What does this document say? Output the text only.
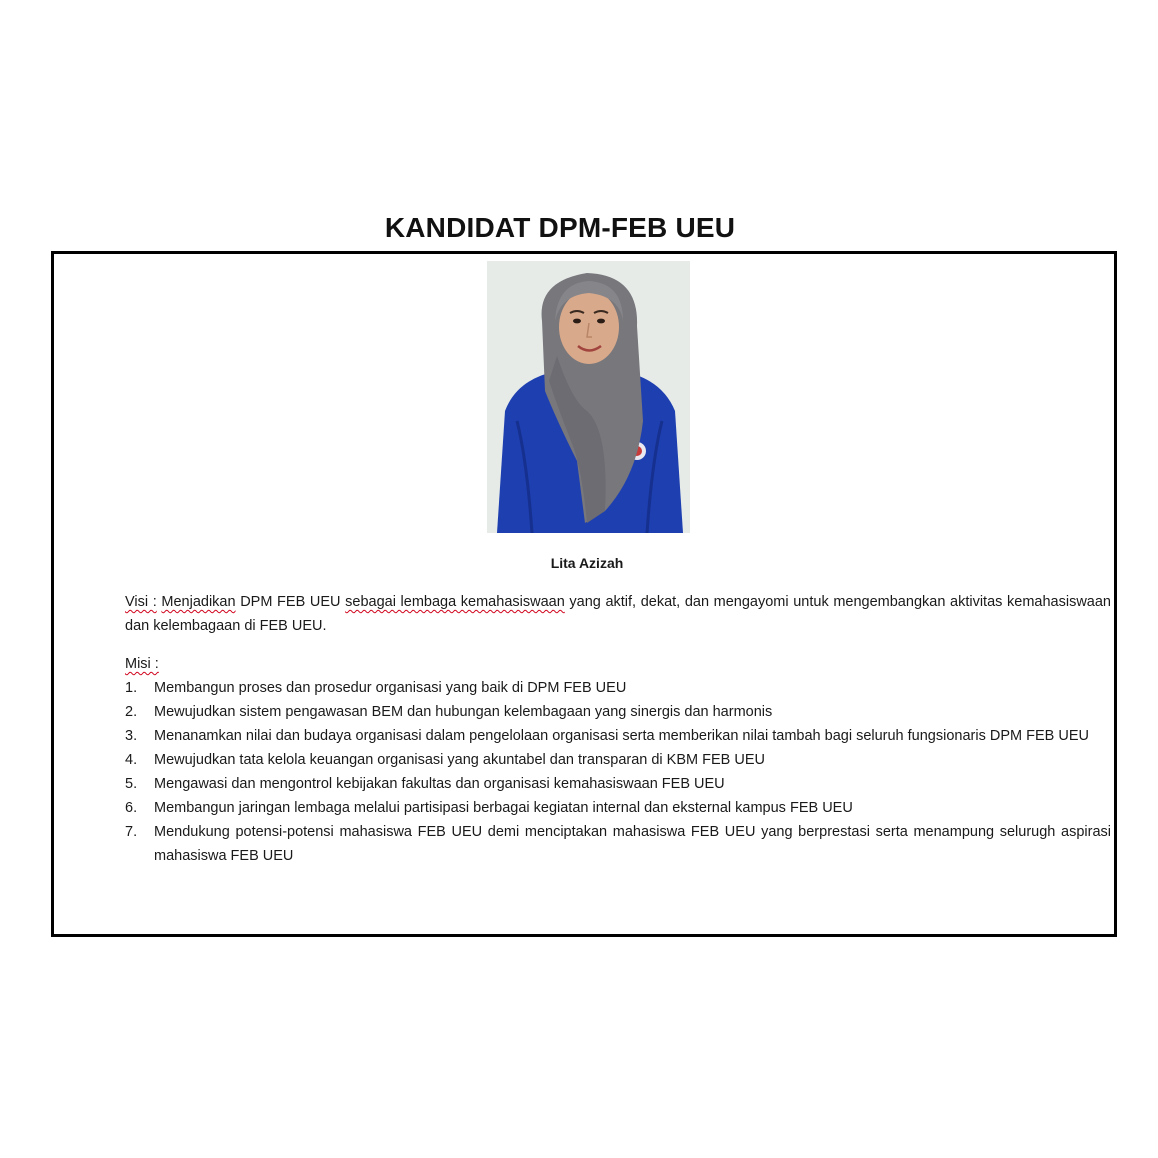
KANDIDAT DPM-FEB UEU
Lita Azizah

Visi : Menjadikan DPM FEB UEU sebagai lembaga kemahasiswaan yang aktif, dekat, dan mengayomi untuk mengembangkan aktivitas kemahasiswaan dan kelembagaan di FEB UEU.

Misi :

1. Membangun proses dan prosedur organisasi yang baik di DPM FEB UEU
2. Mewujudkan sistem pengawasan BEM dan hubungan kelembagaan yang sinergis dan harmonis
3. Menanamkan nilai dan budaya organisasi dalam pengelolaan organisasi serta memberikan nilai tambah bagi seluruh fungsionaris DPM FEB UEU
4. Mewujudkan tata kelola keuangan organisasi yang akuntabel dan transparan di KBM FEB UEU
5. Mengawasi dan mengontrol kebijakan fakultas dan organisasi kemahasiswaan FEB UEU
6. Membangun jaringan lembaga melalui partisipasi berbagai kegiatan internal dan eksternal kampus FEB UEU
7. Mendukung potensi-potensi mahasiswa FEB UEU demi menciptakan mahasiswa FEB UEU yang berprestasi serta menampung selurugh aspirasi mahasiswa FEB UEU
